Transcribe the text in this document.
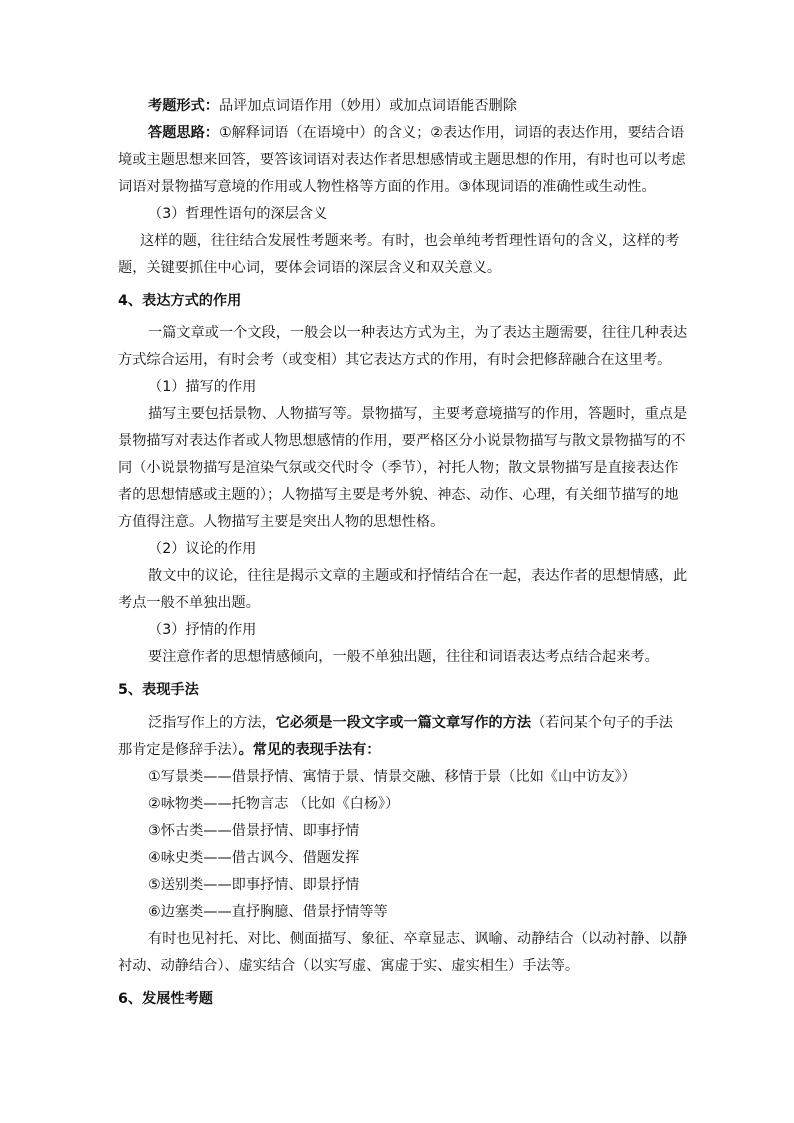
考题形式：品评加点词语作用（妙用）或加点词语能否删除
答题思路：①解释词语（在语境中）的含义；②表达作用，词语的表达作用，要结合语
境或主题思想来回答，要答该词语对表达作者思想感情或主题思想的作用，有时也可以考虑
词语对景物描写意境的作用或人物性格等方面的作用。③体现词语的准确性或生动性。
（3）哲理性语句的深层含义
这样的题，往往结合发展性考题来考。有时，也会单纯考哲理性语句的含义，这样的考
题，关键要抓住中心词，要体会词语的深层含义和双关意义。
4、表达方式的作用
一篇文章或一个文段，一般会以一种表达方式为主，为了表达主题需要，往往几种表达
方式综合运用，有时会考（或变相）其它表达方式的作用，有时会把修辞融合在这里考。
（1）描写的作用
描写主要包括景物、人物描写等。景物描写，主要考意境描写的作用，答题时，重点是
景物描写对表达作者或人物思想感情的作用，要严格区分小说景物描写与散文景物描写的不
同（小说景物描写是渲染气氛或交代时令（季节），衬托人物；散文景物描写是直接表达作
者的思想情感或主题的）；人物描写主要是考外貌、神态、动作、心理，有关细节描写的地
方值得注意。人物描写主要是突出人物的思想性格。
（2）议论的作用
散文中的议论，往往是揭示文章的主题或和抒情结合在一起，表达作者的思想情感，此
考点一般不单独出题。
（3）抒情的作用
要注意作者的思想情感倾向，一般不单独出题，往往和词语表达考点结合起来考。
5、表现手法
泛指写作上的方法，它必须是一段文字或一篇文章写作的方法（若问某个句子的手法
那肯定是修辞手法）。常见的表现手法有：
①写景类——借景抒情、寓情于景、情景交融、移情于景（比如《山中访友》）
②咏物类——托物言志 （比如《白杨》）
③怀古类——借景抒情、即事抒情
④咏史类——借古讽今、借题发挥
⑤送别类——即事抒情、即景抒情
⑥边塞类——直抒胸臆、借景抒情等等
有时也见衬托、对比、侧面描写、象征、卒章显志、讽喻、动静结合（以动衬静、以静
衬动、动静结合）、虚实结合（以实写虚、寓虚于实、虚实相生）手法等。
6、发展性考题
